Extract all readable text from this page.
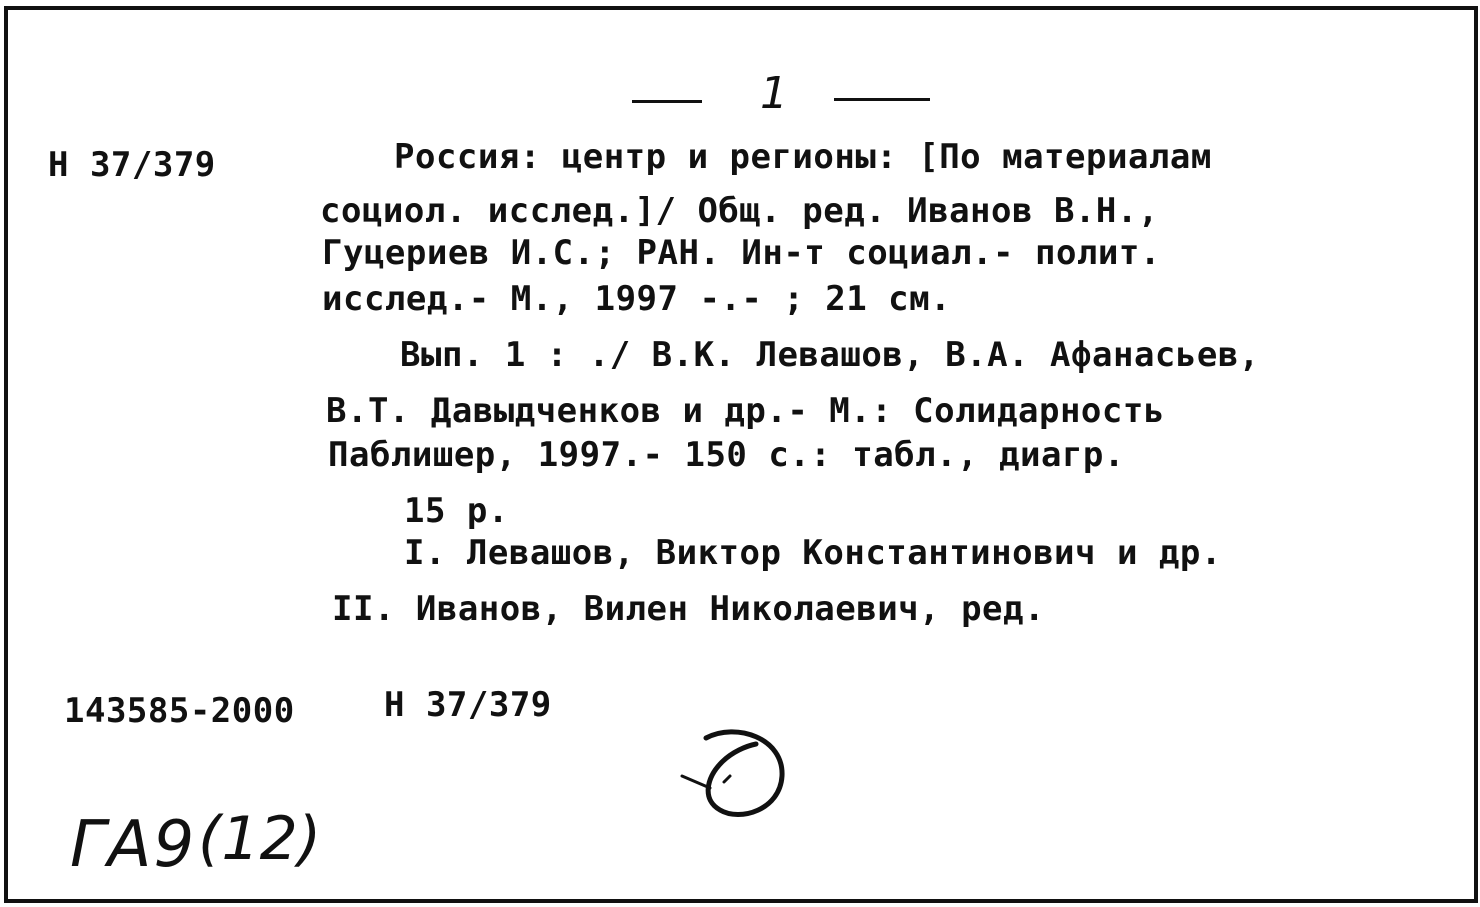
1
Н 37/379	Россия: центр и регионы: [По материалам
социол. исслед.]/ Общ. ред. Иванов В.Н.,
Гуцериев И.С.; РАН. Ин-т социал.- полит.
исслед.- М., 1997 -.- ; 21 см.
Вып. 1 : ./ В.К. Левашов, В.А. Афанасьев,
В.Т. Давыдченков и др.- М.: Солидарность
Паблишер, 1997.- 150 с.: табл., диагр.
15 р.
I. Левашов, Виктор Константинович и др.
II. Иванов, Вилен Николаевич, ред.
143585-2000	Н 37/379
ГА9 (12)
